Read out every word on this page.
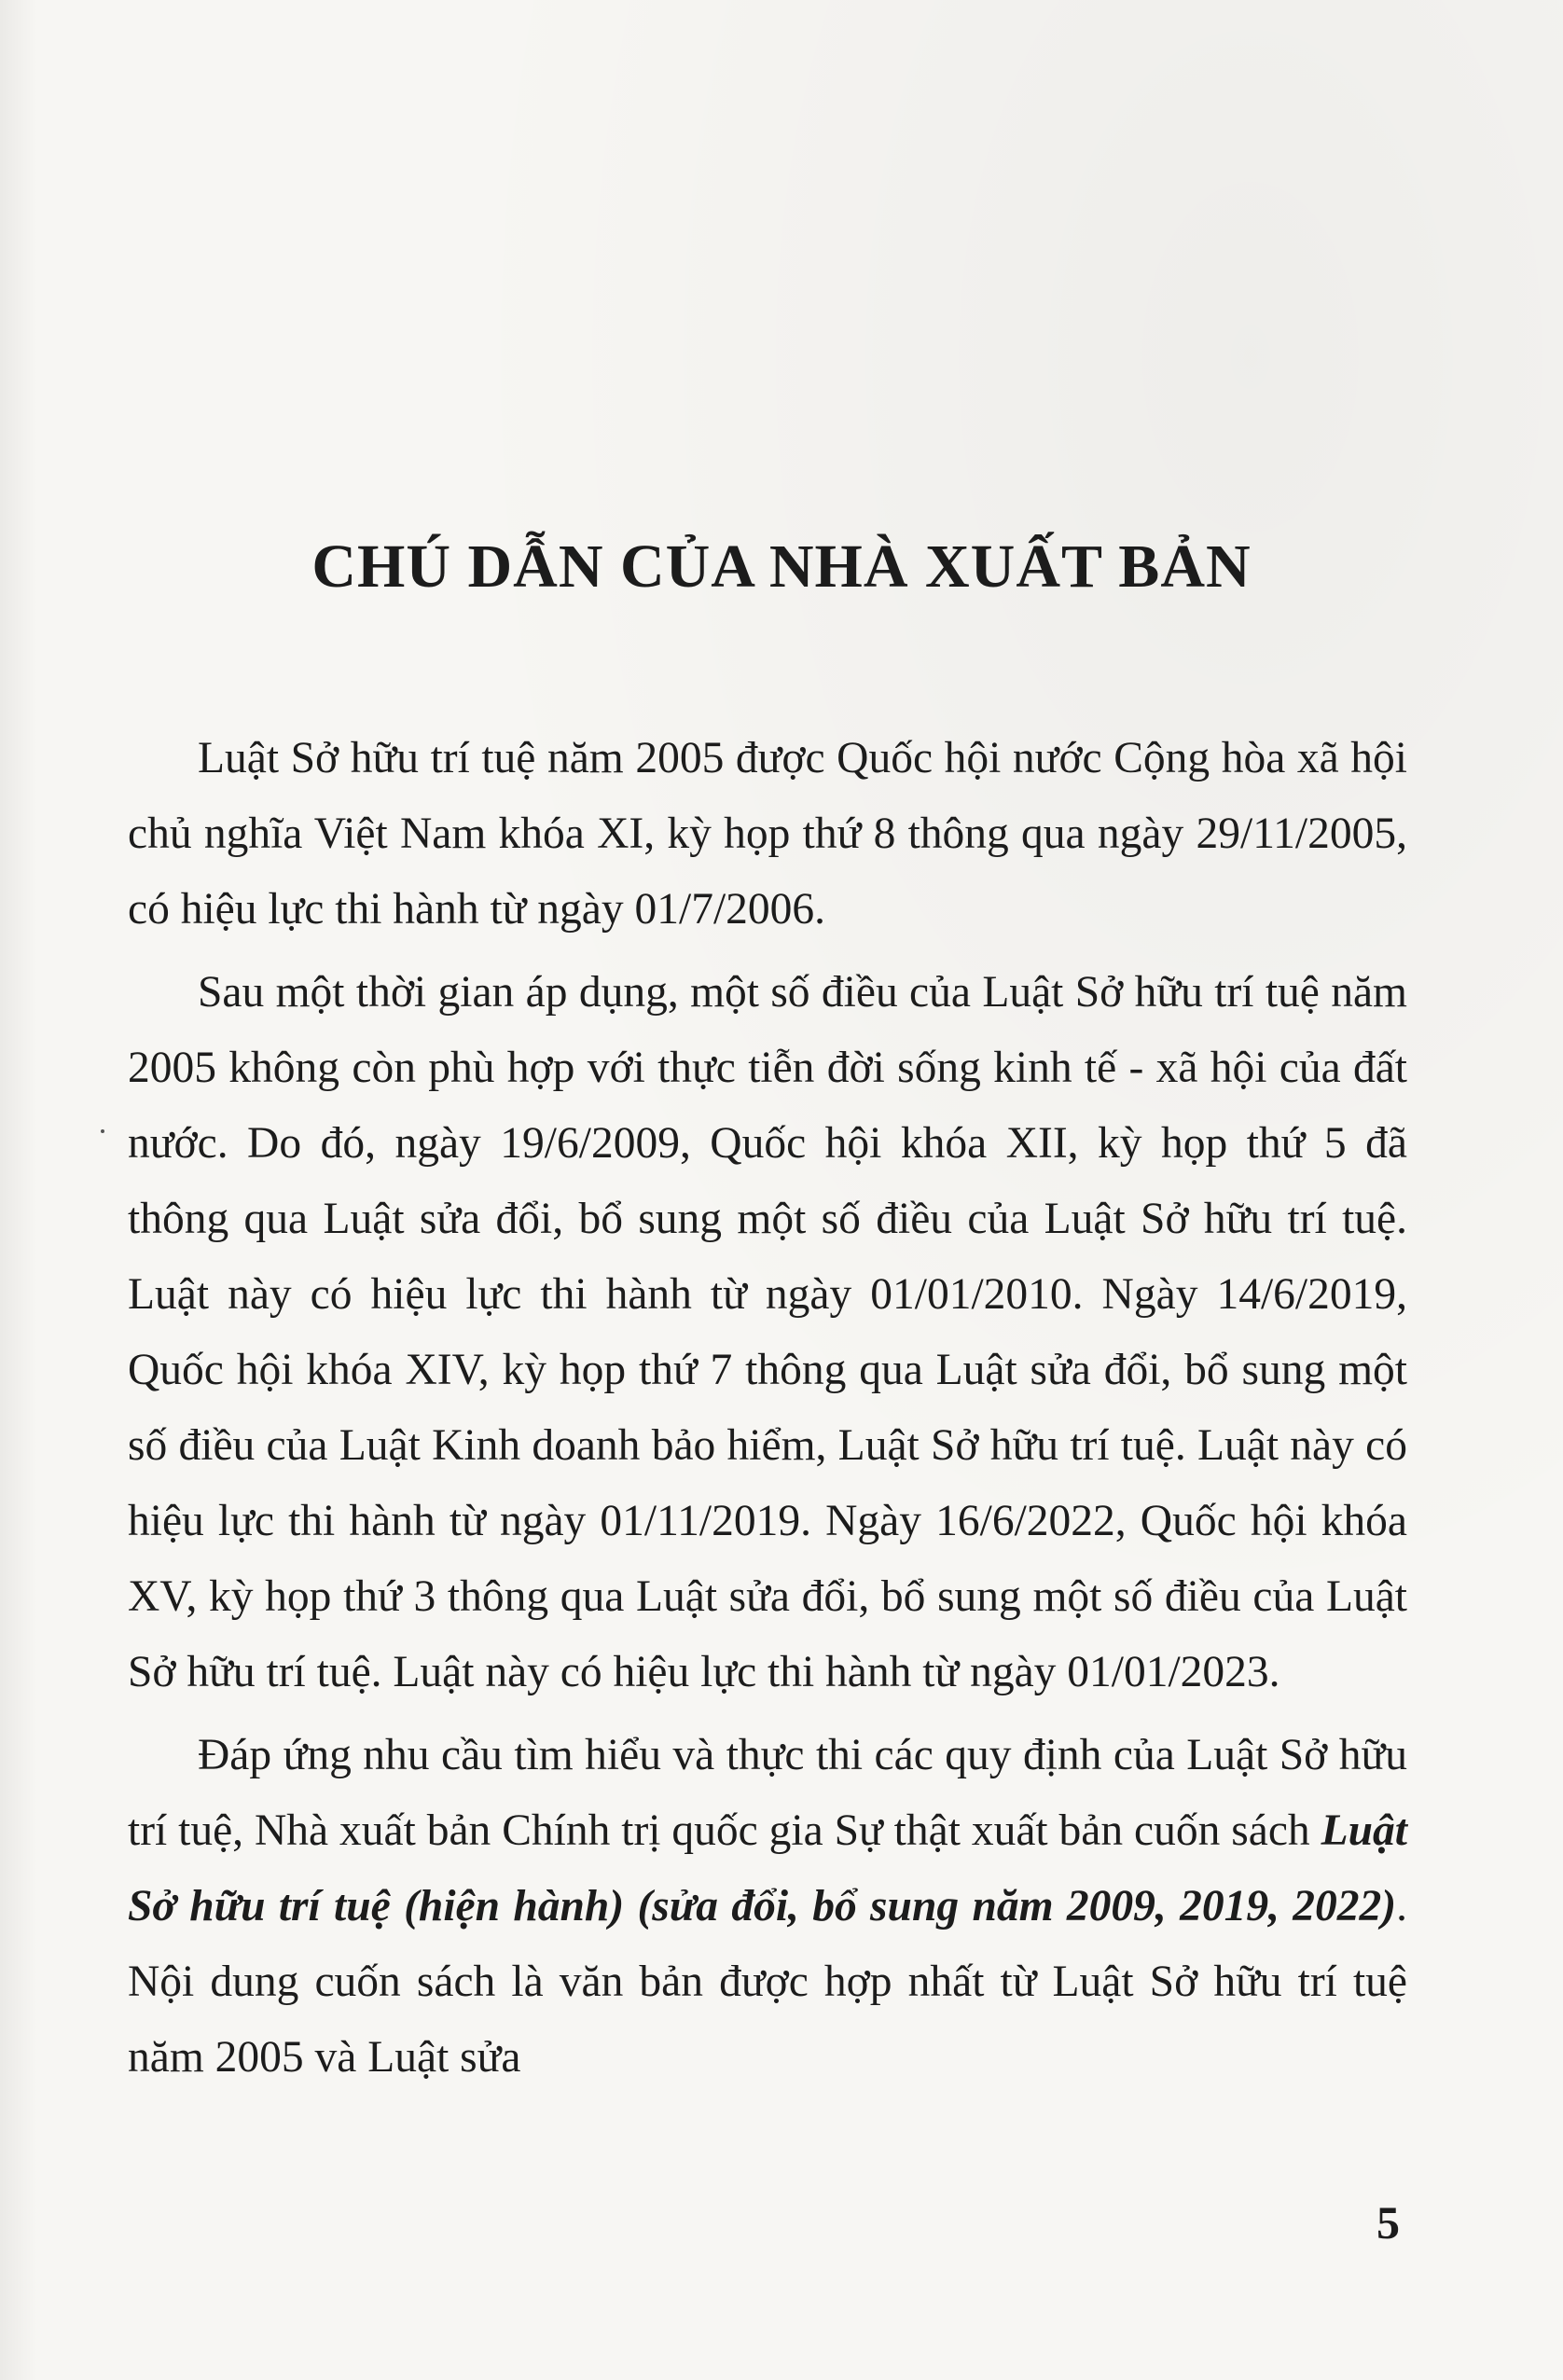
CHÚ DẪN CỦA NHÀ XUẤT BẢN

Luật Sở hữu trí tuệ năm 2005 được Quốc hội nước Cộng hòa xã hội chủ nghĩa Việt Nam khóa XI, kỳ họp thứ 8 thông qua ngày 29/11/2005, có hiệu lực thi hành từ ngày 01/7/2006.

Sau một thời gian áp dụng, một số điều của Luật Sở hữu trí tuệ năm 2005 không còn phù hợp với thực tiễn đời sống kinh tế - xã hội của đất nước. Do đó, ngày 19/6/2009, Quốc hội khóa XII, kỳ họp thứ 5 đã thông qua Luật sửa đổi, bổ sung một số điều của Luật Sở hữu trí tuệ. Luật này có hiệu lực thi hành từ ngày 01/01/2010. Ngày 14/6/2019, Quốc hội khóa XIV, kỳ họp thứ 7 thông qua Luật sửa đổi, bổ sung một số điều của Luật Kinh doanh bảo hiểm, Luật Sở hữu trí tuệ. Luật này có hiệu lực thi hành từ ngày 01/11/2019. Ngày 16/6/2022, Quốc hội khóa XV, kỳ họp thứ 3 thông qua Luật sửa đổi, bổ sung một số điều của Luật Sở hữu trí tuệ. Luật này có hiệu lực thi hành từ ngày 01/01/2023.

Đáp ứng nhu cầu tìm hiểu và thực thi các quy định của Luật Sở hữu trí tuệ, Nhà xuất bản Chính trị quốc gia Sự thật xuất bản cuốn sách Luật Sở hữu trí tuệ (hiện hành) (sửa đổi, bổ sung năm 2009, 2019, 2022). Nội dung cuốn sách là văn bản được hợp nhất từ Luật Sở hữu trí tuệ năm 2005 và Luật sửa

5
